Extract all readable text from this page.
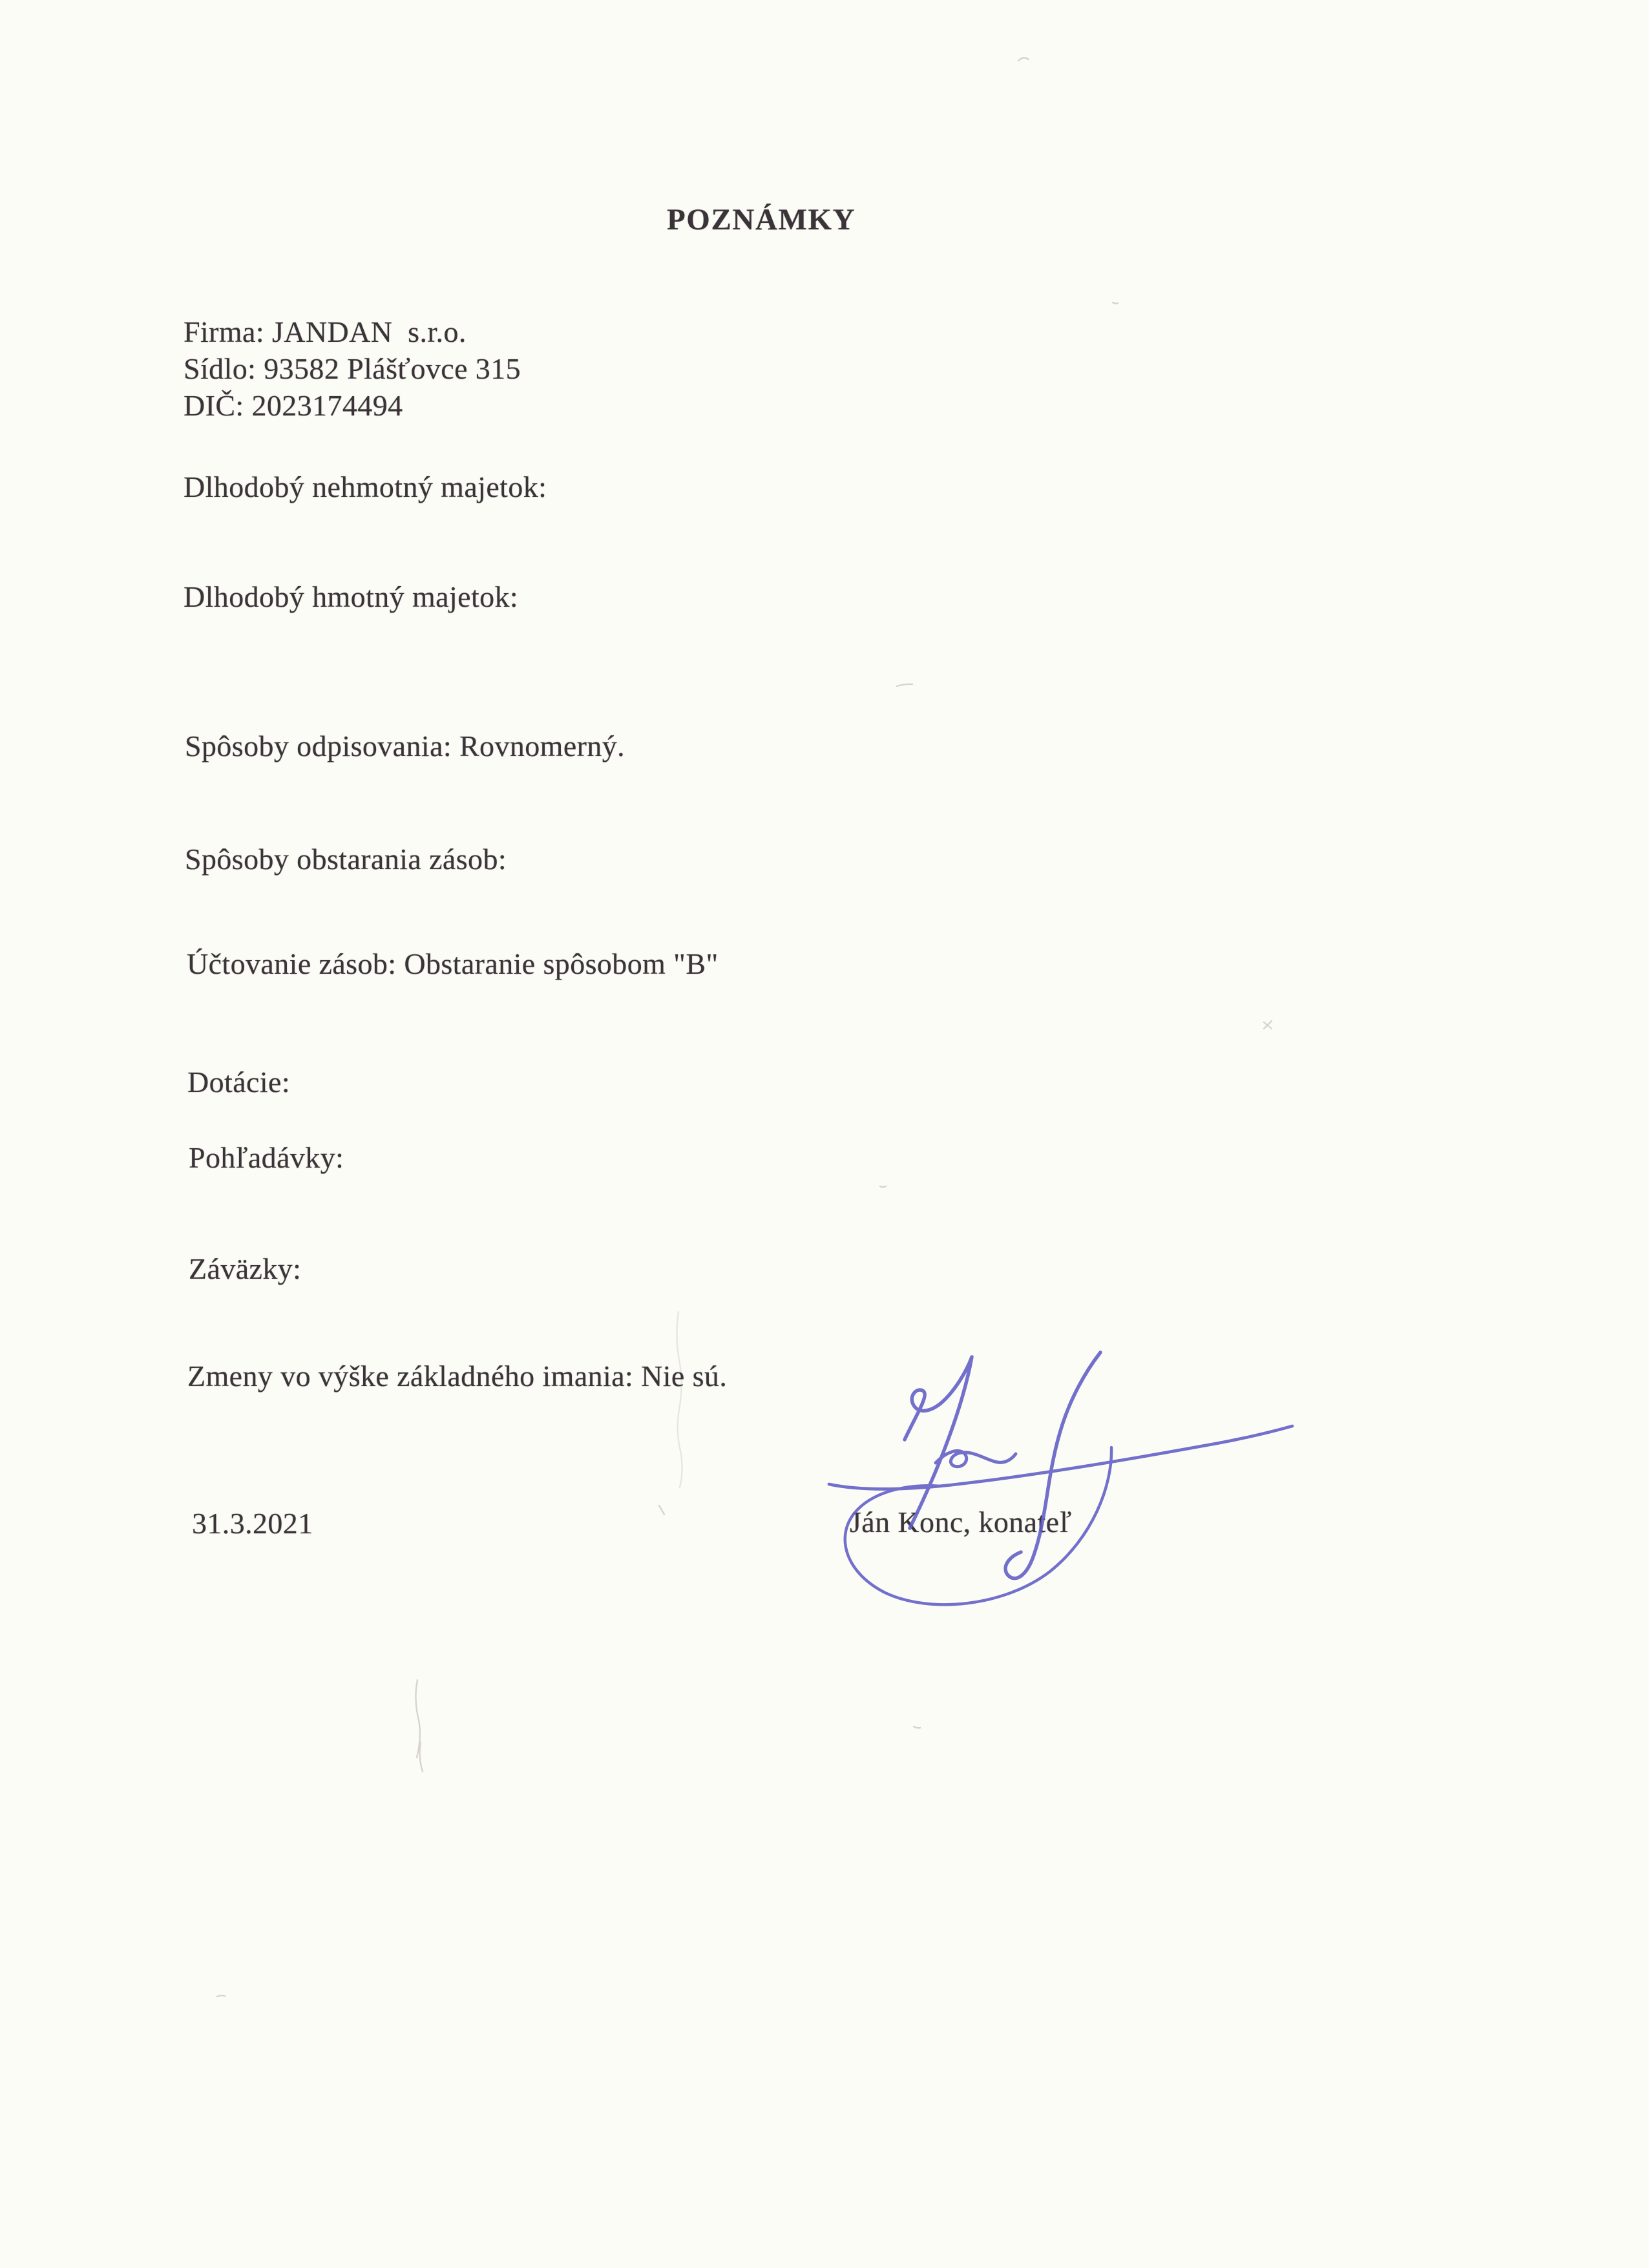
POZNÁMKY
Firma: JANDAN  s.r.o.
Sídlo: 93582 Plášťovce 315
DIČ: 2023174494
Dlhodobý nehmotný majetok:
Dlhodobý hmotný majetok:
Spôsoby odpisovania: Rovnomerný.
Spôsoby obstarania zásob:
Účtovanie zásob: Obstaranie spôsobom "B"
Dotácie:
Pohľadávky:
Záväzky:
Zmeny vo výške základného imania: Nie sú.
31.3.2021	Ján Konc, konateľ
